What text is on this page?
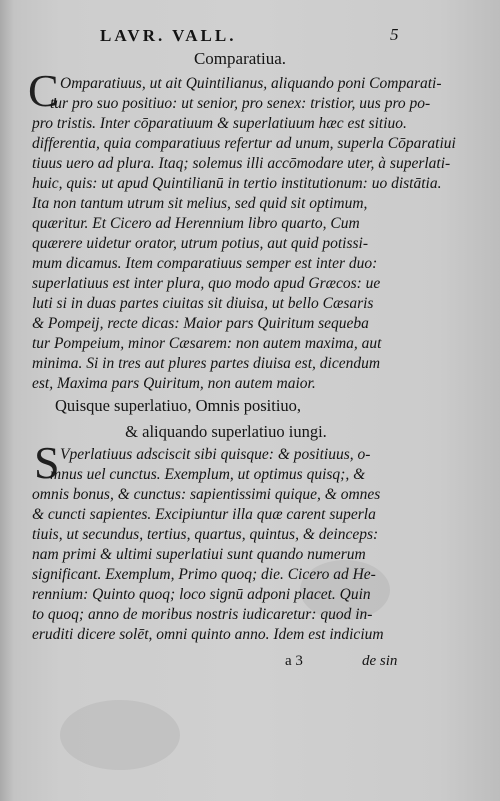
LAVR. VALL.	5
Comparatiua.
C Omparatiuus, ut ait Quintilianus, aliquando poni Comparati-
tur pro suo positiuo: ut senior, pro senex: tristior, uus pro po-
pro tristis. Inter cōparatiuum & superlatiuum hæc est sitiuo.
differentia, quia comparatiuus refertur ad unum, superla Cōparatiui
tiuus uero ad plura. Itaq; solemus illi accōmodare uter, à superlati-
huic, quis: ut apud Quintilianū in tertio institutionum: uo distātia.
Ita non tantum utrum sit melius, sed quid sit optimum,
quæritur. Et Cicero ad Herennium libro quarto, Cum
quærere uidetur orator, utrum potius, aut quid potissi-
mum dicamus. Item comparatiuus semper est inter duo:
superlatiuus est inter plura, quo modo apud Græcos: ue
luti si in duas partes ciuitas sit diuisa, ut bello Cæsaris
& Pompeij, recte dicas: Maior pars Quiritum sequeba
tur Pompeium, minor Cæsarem: non autem maxima, aut
minima. Si in tres aut plures partes diuisa est, dicendum
est, Maxima pars Quiritum, non autem maior.
Quisque superlatiuo, Omnis positiuo,
& aliquando superlatiuo iungi.
S Vperlatiuus adsciscit sibi quisque: & positiuus, o-
mnus uel cunctus. Exemplum, ut optimus quisq;, &
omnis bonus, & cunctus: sapientissimi quique, & omnes
& cuncti sapientes. Excipiuntur illa quæ carent superla
tiuis, ut secundus, tertius, quartus, quintus, & deinceps:
nam primi & ultimi superlatiui sunt quando numerum
significant. Exemplum, Primo quoq; die. Cicero ad He-
rennium: Quinto quoq; loco signū adponi placet. Quin
to quoq; anno de moribus nostris iudicaretur: quod in-
eruditi dicere solēt, omni quinto anno. Idem est indicium
a 3	de sin
